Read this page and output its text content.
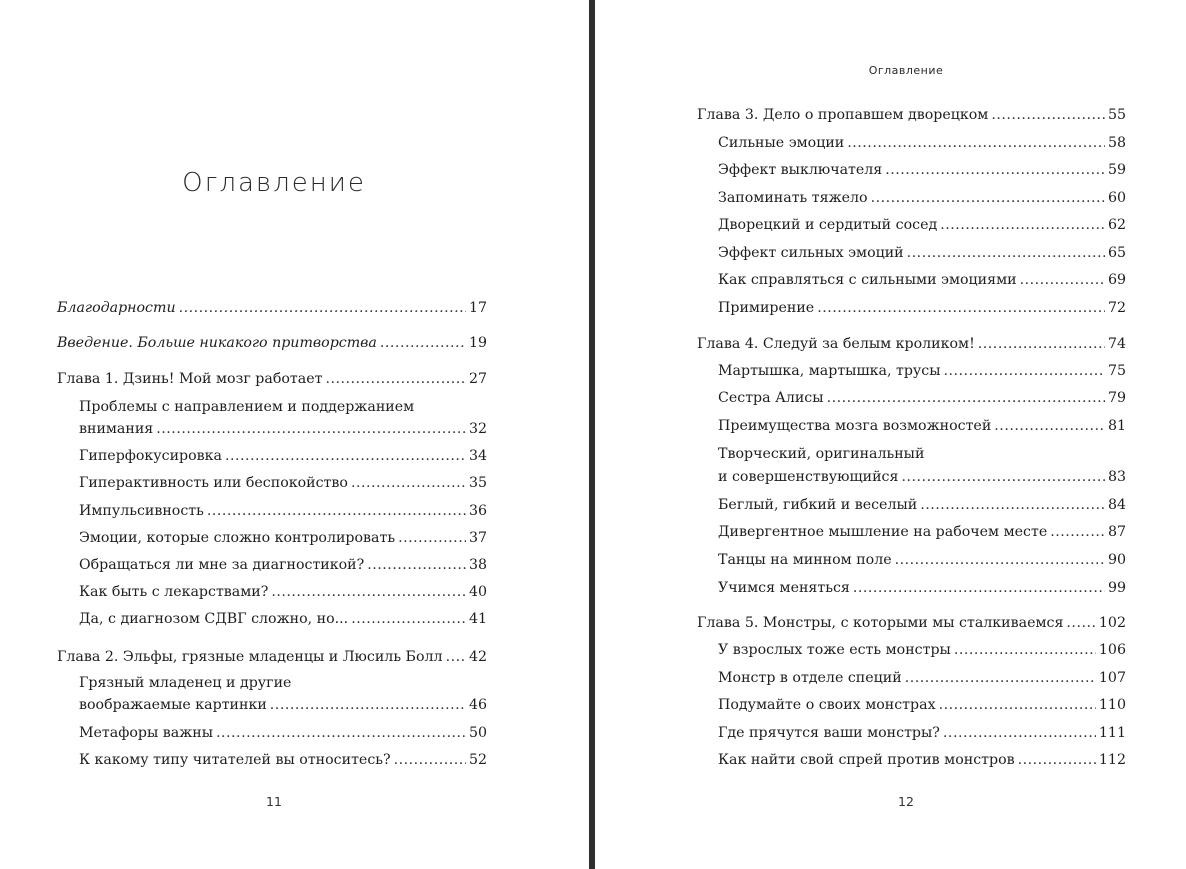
Оглавление
Благодарности .....	17
Введение. Больше никакого притворства .....	19
Глава 1. Дзинь! Мой мозг работает .....	27
Проблемы с направлением и поддержанием
внимания .....	32
Гиперфокусировка .....	34
Гиперактивность или беспокойство .....	35
Импульсивность .....	36
Эмоции, которые сложно контролировать .....	37
Обращаться ли мне за диагностикой? .....	38
Как быть с лекарствами? .....	40
Да, с диагнозом СДВГ сложно, но... .....	41
Глава 2. Эльфы, грязные младенцы и Люсиль Болл ..... 42
Грязный младенец и другие
воображаемые картинки .....	46
Метафоры важны .....	50
К какому типу читателей вы относитесь? .....	52
11
Оглавление
Глава 3. Дело о пропавшем дворецком .....	55
Сильные эмоции .....	58
Эффект выключателя .....	59
Запоминать тяжело .....	60
Дворецкий и сердитый сосед .....	62
Эффект сильных эмоций .....	65
Как справляться с сильными эмоциями .....	69
Примирение .....	72
Глава 4. Следуй за белым кроликом! .....	74
Мартышка, мартышка, трусы .....	75
Сестра Алисы .....	79
Преимущества мозга возможностей .....	81
Творческий, оригинальный
и совершенствующийся .....	83
Беглый, гибкий и веселый .....	84
Дивергентное мышление на рабочем месте .....	87
Танцы на минном поле .....	90
Учимся меняться .....	99
Глава 5. Монстры, с которыми мы сталкиваемся ..... 102
У взрослых тоже есть монстры .....	106
Монстр в отделе специй .....	107
Подумайте о своих монстрах .....	110
Где прячутся ваши монстры? .....	111
Как найти свой спрей против монстров .....	112
12
